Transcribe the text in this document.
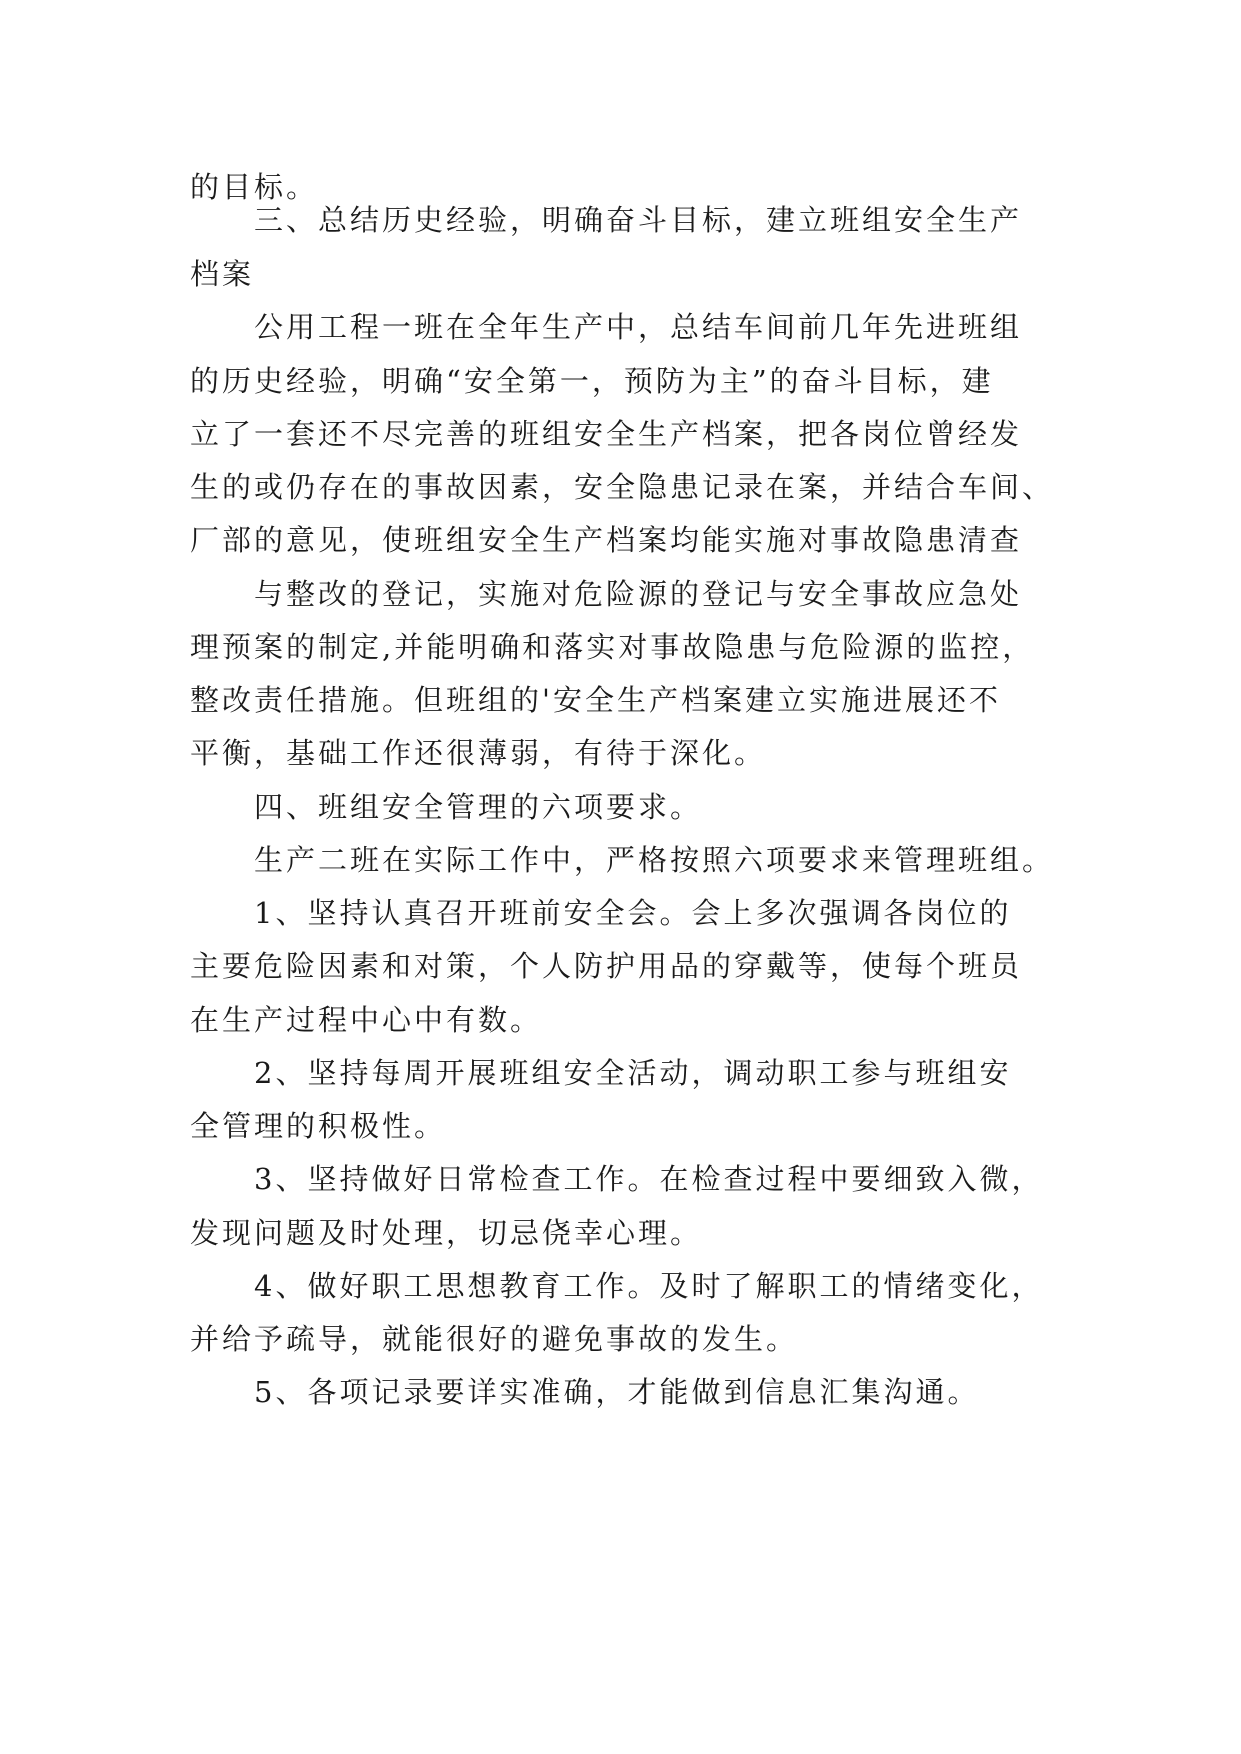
的目标。
三、总结历史经验，明确奋斗目标，建立班组安全生产
档案
公用工程一班在全年生产中，总结车间前几年先进班组
的历史经验，明确“安全第一，预防为主”的奋斗目标，建
立了一套还不尽完善的班组安全生产档案，把各岗位曾经发
生的或仍存在的事故因素，安全隐患记录在案，并结合车间、
厂部的意见，使班组安全生产档案均能实施对事故隐患清查
与整改的登记，实施对危险源的登记与安全事故应急处
理预案的制定,并能明确和落实对事故隐患与危险源的监控，
整改责任措施。但班组的'安全生产档案建立实施进展还不
平衡，基础工作还很薄弱，有待于深化。
四、班组安全管理的六项要求。
生产二班在实际工作中，严格按照六项要求来管理班组。
1、坚持认真召开班前安全会。会上多次强调各岗位的
主要危险因素和对策，个人防护用品的穿戴等，使每个班员
在生产过程中心中有数。
2、坚持每周开展班组安全活动，调动职工参与班组安
全管理的积极性。
3、坚持做好日常检查工作。在检查过程中要细致入微，
发现问题及时处理，切忌侥幸心理。
4、做好职工思想教育工作。及时了解职工的情绪变化，
并给予疏导，就能很好的避免事故的发生。
5、各项记录要详实准确，才能做到信息汇集沟通。
